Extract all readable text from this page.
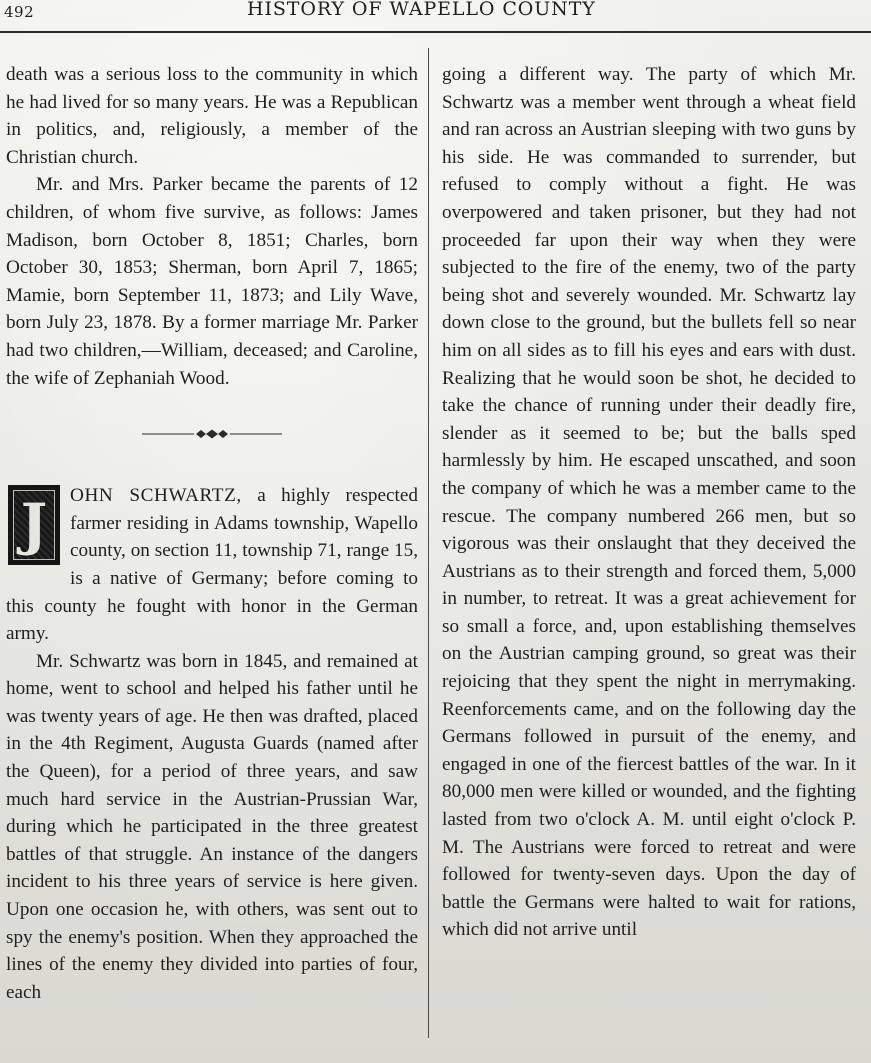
492	HISTORY OF WAPELLO COUNTY

death was a serious loss to the community in which he had lived for so many years. He was a Republican in politics, and, religiously, a member of the Christian church.

Mr. and Mrs. Parker became the parents of 12 children, of whom five survive, as follows: James Madison, born October 8, 1851; Charles, born October 30, 1853; Sherman, born April 7, 1865; Mamie, born September 11, 1873; and Lily Wave, born July 23, 1878. By a former marriage Mr. Parker had two children,—William, deceased; and Caroline, the wife of Zephaniah Wood.

J	OHN SCHWARTZ, a highly respected farmer residing in Adams township, Wapello county, on section 11, township 71, range 15, is a native of Germany; before coming to this county he fought with honor in the German army.

Mr. Schwartz was born in 1845, and remained at home, went to school and helped his father until he was twenty years of age. He then was drafted, placed in the 4th Regiment, Augusta Guards (named after the Queen), for a period of three years, and saw much hard service in the Austrian-Prussian War, during which he participated in the three greatest battles of that struggle. An instance of the dangers incident to his three years of service is here given. Upon one occasion he, with others, was sent out to spy the enemy's position. When they approached the lines of the enemy they divided into parties of four, each

going a different way. The party of which Mr. Schwartz was a member went through a wheat field and ran across an Austrian sleeping with two guns by his side. He was commanded to surrender, but refused to comply without a fight. He was overpowered and taken prisoner, but they had not proceeded far upon their way when they were subjected to the fire of the enemy, two of the party being shot and severely wounded. Mr. Schwartz lay down close to the ground, but the bullets fell so near him on all sides as to fill his eyes and ears with dust. Realizing that he would soon be shot, he decided to take the chance of running under their deadly fire, slender as it seemed to be; but the balls sped harmlessly by him. He escaped unscathed, and soon the company of which he was a member came to the rescue. The company numbered 266 men, but so vigorous was their onslaught that they deceived the Austrians as to their strength and forced them, 5,000 in number, to retreat. It was a great achievement for so small a force, and, upon establishing themselves on the Austrian camping ground, so great was their rejoicing that they spent the night in merrymaking. Reenforcements came, and on the following day the Germans followed in pursuit of the enemy, and engaged in one of the fiercest battles of the war. In it 80,000 men were killed or wounded, and the fighting lasted from two o'clock A. M. until eight o'clock P. M. The Austrians were forced to retreat and were followed for twenty-seven days. Upon the day of battle the Germans were halted to wait for rations, which did not arrive until
